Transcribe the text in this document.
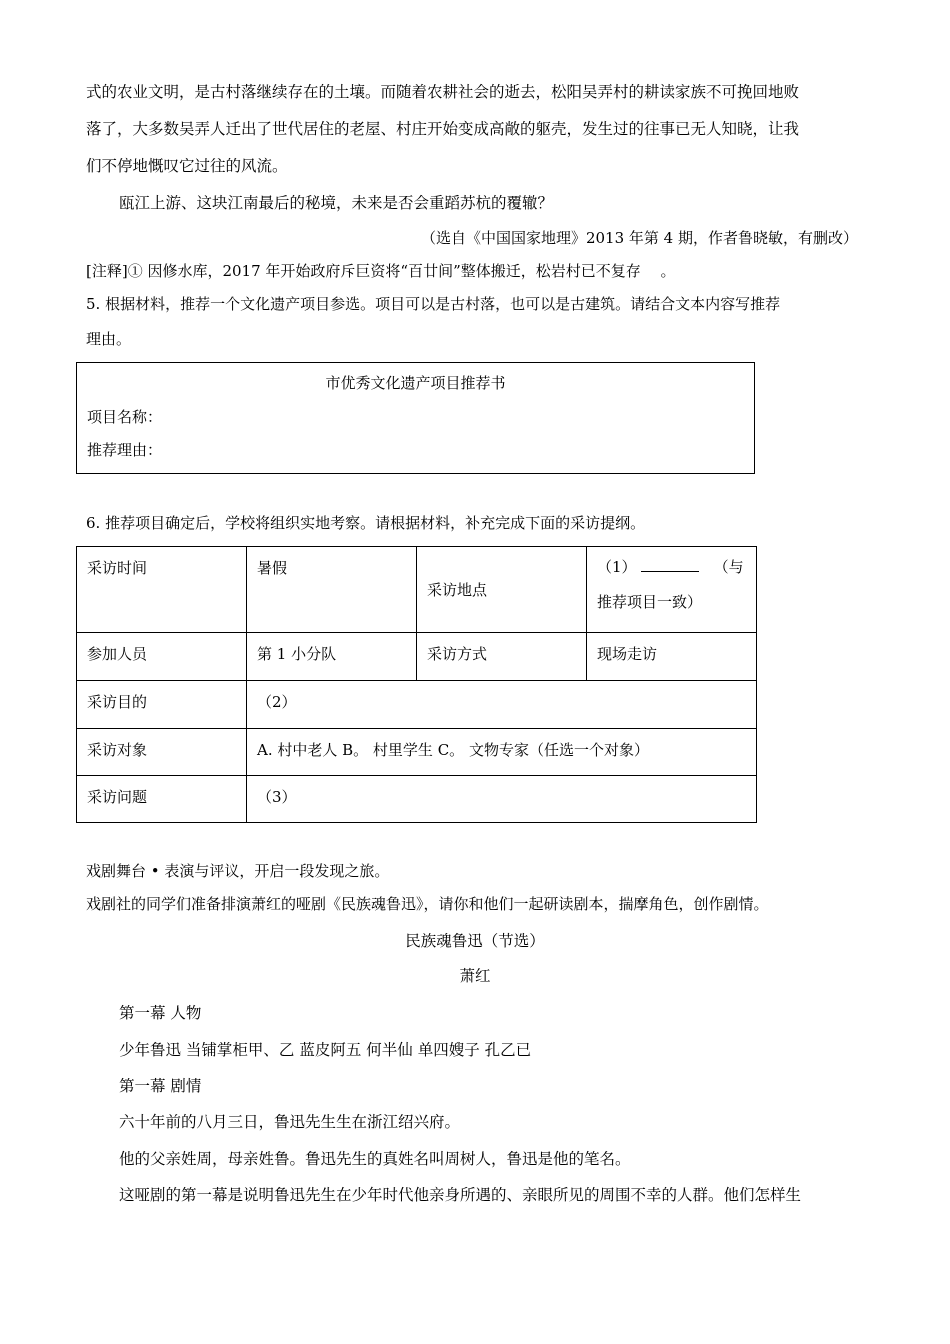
式的农业文明，是古村落继续存在的土壤。而随着农耕社会的逝去，松阳吴弄村的耕读家族不可挽回地败
落了，大多数吴弄人迁出了世代居住的老屋、村庄开始变成高敞的躯壳，发生过的往事已无人知晓，让我
们不停地慨叹它过往的风流。
瓯江上游、这块江南最后的秘境，未来是否会重蹈苏杭的覆辙？
（选自《中国国家地理》2013 年第 4 期，作者鲁晓敏，有删改）
[注释]① 因修水库，2017 年开始政府斥巨资将“百廿间”整体搬迁，松岩村已不复存　 。
5. 根据材料，推荐一个文化遗产项目参选。项目可以是古村落，也可以是古建筑。请结合文本内容写推荐
理由。
市优秀文化遗产项目推荐书
项目名称：
推荐理由：
6. 推荐项目确定后，学校将组织实地考察。请根据材料，补充完成下面的采访提纲。
采访时间	暑假	采访地点	（1） （与
推荐项目一致）

参加人员	第 1 小分队	采访方式	现场走访
采访目的	（2）		
采访对象	A. 村中老人 B。 村里学生 C。 文物专家（任选一个对象）		
采访问题	（3）		
戏剧舞台 • 表演与评议，开启一段发现之旅。
戏剧社的同学们准备排演萧红的哑剧《民族魂鲁迅》，请你和他们一起研读剧本，揣摩角色，创作剧情。
民族魂鲁迅（节选）
萧红
第一幕 人物
少年鲁迅 当铺掌柜甲、乙 蓝皮阿五 何半仙 单四嫂子 孔乙已
第一幕 剧情
六十年前的八月三日，鲁迅先生生在浙江绍兴府。
他的父亲姓周，母亲姓鲁。鲁迅先生的真姓名叫周树人，鲁迅是他的笔名。
这哑剧的第一幕是说明鲁迅先生在少年时代他亲身所遇的、亲眼所见的周围不幸的人群。他们怎样生
